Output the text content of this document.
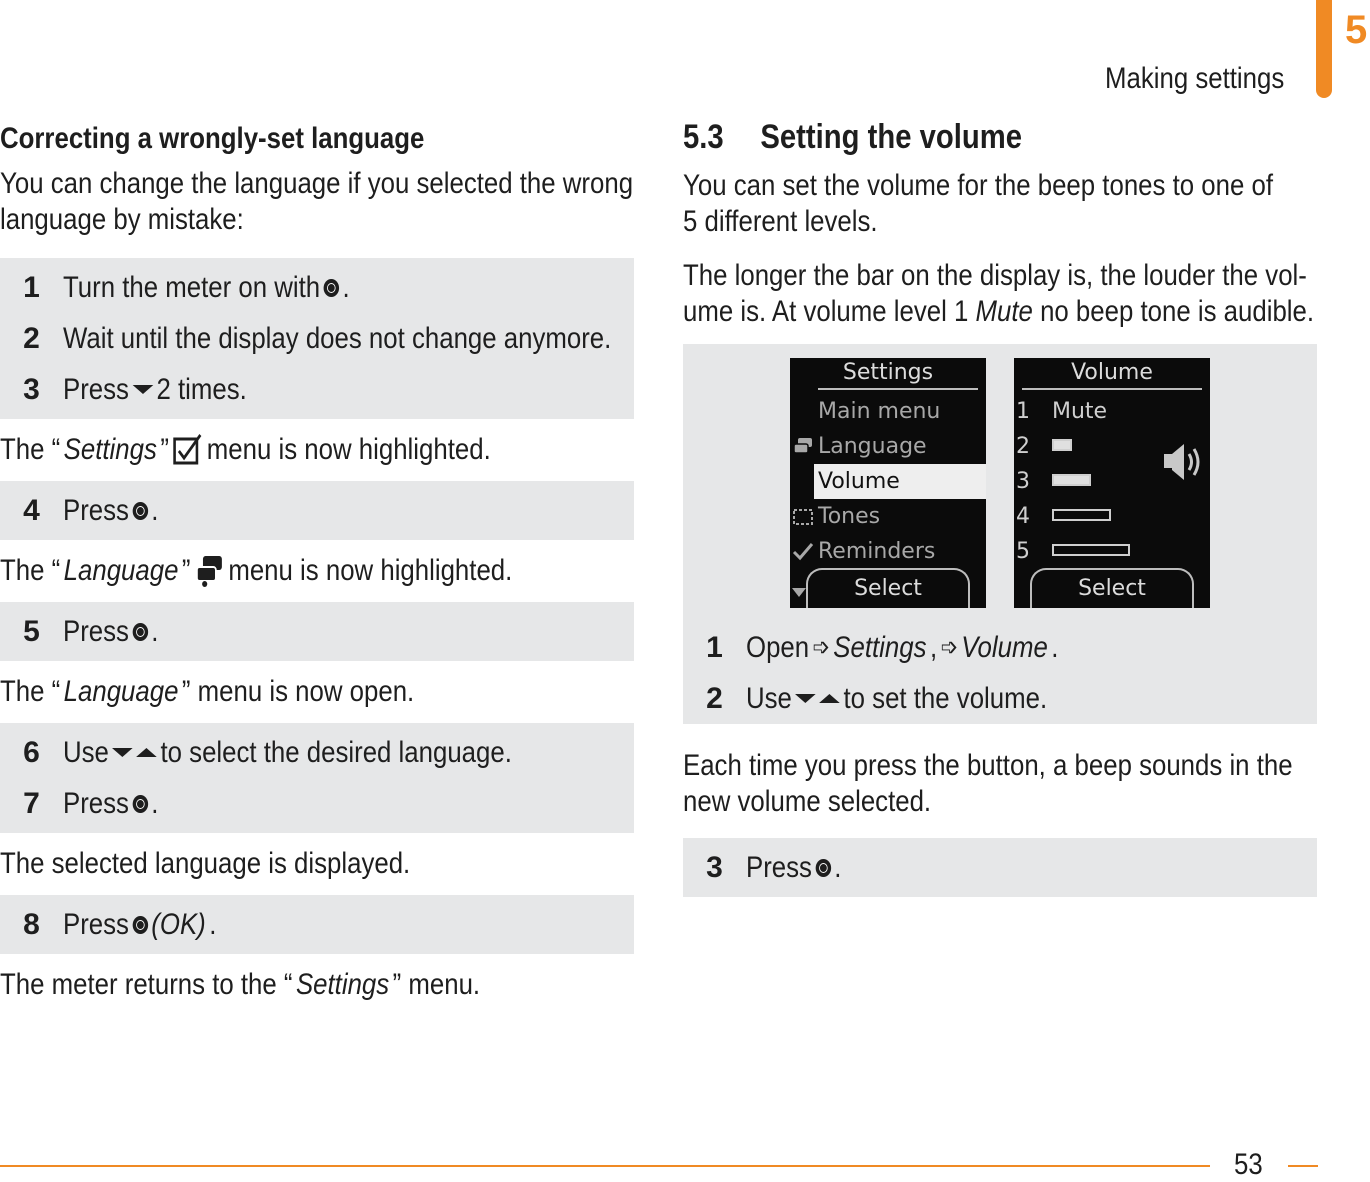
Making settings
5
Correcting a wrongly-set language

You can change the language if you selected the wrong
language by mistake:

1 Turn the meter on with .
2 Wait until the display does not change anymore.
3 Press 2 times.
The “ Settings ” menu is now highlighted.
4 Press .
The “ Language ” menu is now highlighted.
5 Press .
The “ Language ” menu is now open.
6 Use to select the desired language.
7 Press .
The selected language is displayed.
8 Press (OK) .
The meter returns to the “ Settings ” menu.
5.3 Setting the volume

You can set the volume for the beep tones to one of
5 different levels.

The longer the bar on the display is, the louder the vol-
ume is. At volume level 1 Mute no beep tone is audible.

Settings
Main menu
Language
Volume
Tones
Reminders
Select
Volume
1 Mute
2
3
4
5
Select
1 Open ➩ Settings , ➩ Volume .
2 Use to set the volume.

Each time you press the button, a beep sounds in the
new volume selected.

3 Press .
53
